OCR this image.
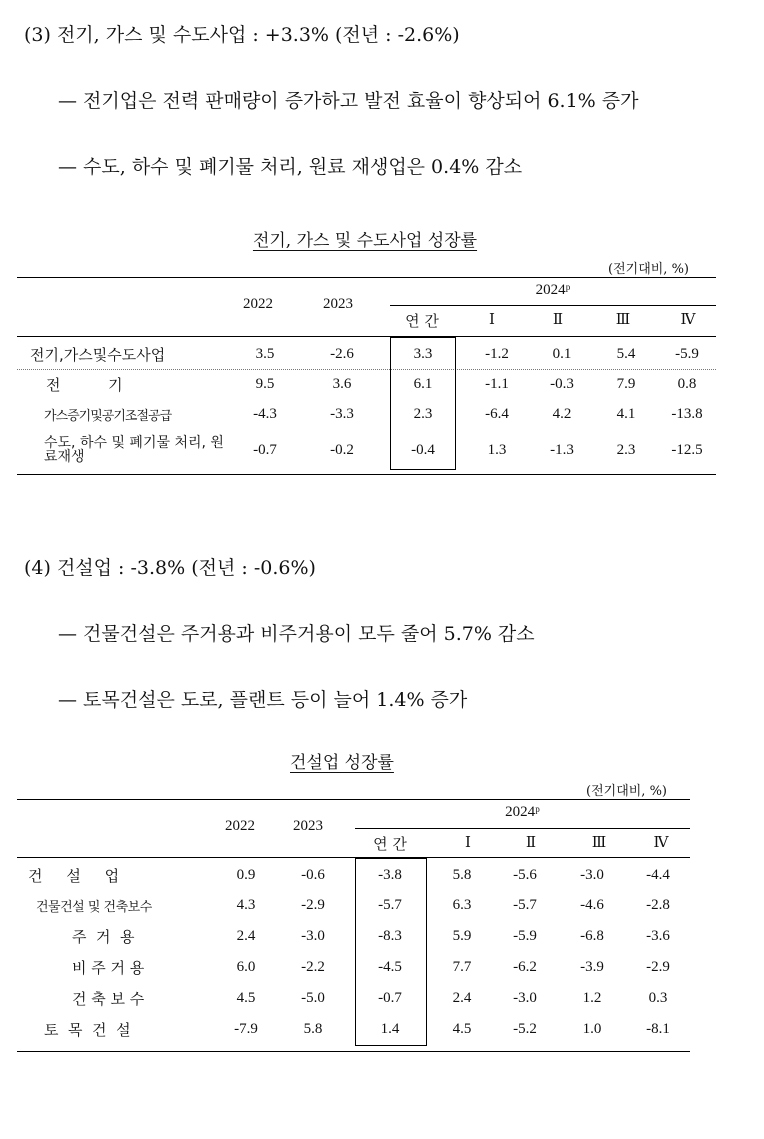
(3) 전기, 가스 및 수도사업 : +3.3% (전년 : -2.6%)
— 전기업은 전력 판매량이 증가하고 발전 효율이 향상되어 6.1% 증가
— 수도, 하수 및 폐기물 처리, 원료 재생업은 0.4% 감소
전기, 가스 및 수도사업 성장률
(전기대비, %)
2022	2023
2024ᵖ
연 간	Ⅰ	Ⅱ	Ⅲ	Ⅳ
전기,가스및수도사업	3.5	-2.6	3.3	-1.2	0.1	5.4	-5.9
전          기	9.5	3.6	6.1	-1.1	-0.3	7.9	0.8
가스증기및공기조절공급	-4.3	-3.3	2.3	-6.4	4.2	4.1	-13.8
수도, 하수 및 폐기물 처리, 원료재생	-0.7	-0.2	-0.4	1.3	-1.3	2.3	-12.5
(4) 건설업 : -3.8% (전년 : -0.6%)
— 건물건설은 주거용과 비주거용이 모두 줄어 5.7% 감소
— 토목건설은 도로, 플랜트 등이 늘어 1.4% 증가
건설업 성장률
(전기대비, %)
2022	2023
2024ᵖ
연 간	Ⅰ	Ⅱ	Ⅲ	Ⅳ
건     설     업	0.9	-0.6	-3.8	5.8	-5.6	-3.0	-4.4
건물건설 및 건축보수	4.3	-2.9	-5.7	6.3	-5.7	-4.6	-2.8
주  거  용	2.4	-3.0	-8.3	5.9	-5.9	-6.8	-3.6
비 주 거 용	6.0	-2.2	-4.5	7.7	-6.2	-3.9	-2.9
건 축 보 수	4.5	-5.0	-0.7	2.4	-3.0	1.2	0.3
토  목  건  설	-7.9	5.8	1.4	4.5	-5.2	1.0	-8.1
